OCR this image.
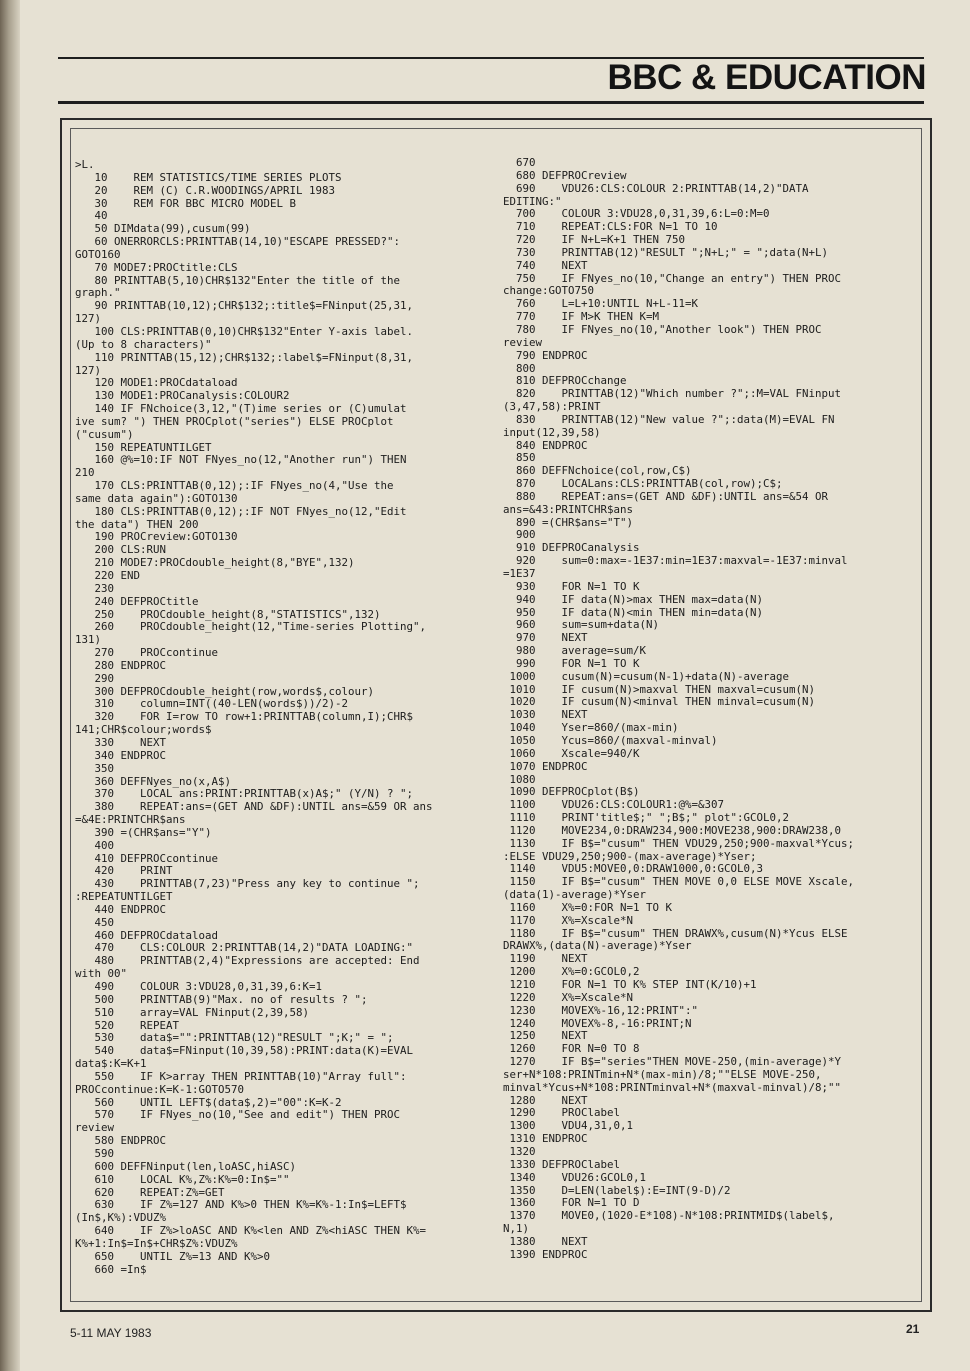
BBC & EDUCATION
>L.
10    REM STATISTICS/TIME SERIES PLOTS
20    REM (C) C.R.WOODINGS/APRIL 1983
30    REM FOR BBC MICRO MODEL B
40
50 DIMdata(99),cusum(99)
60 ONERRORCLS:PRINTTAB(14,10)"ESCAPE PRESSED?":
GOTO160
70 MODE7:PROCtitle:CLS
80 PRINTTAB(5,10)CHR$132"Enter the title of the
graph."
90 PRINTTAB(10,12);CHR$132;:title$=FNinput(25,31,
127)
100 CLS:PRINTTAB(0,10)CHR$132"Enter Y-axis label.
(Up to 8 characters)"
110 PRINTTAB(15,12);CHR$132;:label$=FNinput(8,31,
127)
120 MODE1:PROCdataload
130 MODE1:PROCanalysis:COLOUR2
140 IF FNchoice(3,12,"(T)ime series or (C)umulat
ive sum? ") THEN PROCplot("series") ELSE PROCplot
("cusum")
150 REPEATUNTILGET
160 @%=10:IF NOT FNyes_no(12,"Another run") THEN
210
170 CLS:PRINTTAB(0,12);:IF FNyes_no(4,"Use the
same data again"):GOTO130
180 CLS:PRINTTAB(0,12);:IF NOT FNyes_no(12,"Edit
the data") THEN 200
190 PROCreview:GOTO130
200 CLS:RUN
210 MODE7:PROCdouble_height(8,"BYE",132)
220 END
230
240 DEFPROCtitle
250    PROCdouble_height(8,"STATISTICS",132)
260    PROCdouble_height(12,"Time-series Plotting",
131)
270    PROCcontinue
280 ENDPROC
290
300 DEFPROCdouble_height(row,words$,colour)
310    column=INT((40-LEN(words$))/2)-2
320    FOR I=row TO row+1:PRINTTAB(column,I);CHR$
141;CHR$colour;words$
330    NEXT
340 ENDPROC
350
360 DEFFNyes_no(x,A$)
370    LOCAL ans:PRINT:PRINTTAB(x)A$;" (Y/N) ? ";
380    REPEAT:ans=(GET AND &DF):UNTIL ans=&59 OR ans
=&4E:PRINTCHR$ans
390 =(CHR$ans="Y")
400
410 DEFPROCcontinue
420    PRINT
430    PRINTTAB(7,23)"Press any key to continue ";
:REPEATUNTILGET
440 ENDPROC
450
460 DEFPROCdataload
470    CLS:COLOUR 2:PRINTTAB(14,2)"DATA LOADING:"
480    PRINTTAB(2,4)"Expressions are accepted: End
with 00"
490    COLOUR 3:VDU28,0,31,39,6:K=1
500    PRINTTAB(9)"Max. no of results ? ";
510    array=VAL FNinput(2,39,58)
520    REPEAT
530    data$="":PRINTTAB(12)"RESULT ";K;" = ";
540    data$=FNinput(10,39,58):PRINT:data(K)=EVAL
data$:K=K+1
550    IF K>array THEN PRINTTAB(10)"Array full":
PROCcontinue:K=K-1:GOTO570
560    UNTIL LEFT$(data$,2)="00":K=K-2
570    IF FNyes_no(10,"See and edit") THEN PROC
review
580 ENDPROC
590
600 DEFFNinput(len,loASC,hiASC)
610    LOCAL K%,Z%:K%=0:In$=""
620    REPEAT:Z%=GET
630    IF Z%=127 AND K%>0 THEN K%=K%-1:In$=LEFT$
(In$,K%):VDUZ%
640    IF Z%>loASC AND K%<len AND Z%<hiASC THEN K%=
K%+1:In$=In$+CHR$Z%:VDUZ%
650    UNTIL Z%=13 AND K%>0
660 =In$
670
680 DEFPROCreview
690    VDU26:CLS:COLOUR 2:PRINTTAB(14,2)"DATA
EDITING:"
700    COLOUR 3:VDU28,0,31,39,6:L=0:M=0
710    REPEAT:CLS:FOR N=1 TO 10
720    IF N+L=K+1 THEN 750
730    PRINTTAB(12)"RESULT ";N+L;" = ";data(N+L)
740    NEXT
750    IF FNyes_no(10,"Change an entry") THEN PROC
change:GOTO750
760    L=L+10:UNTIL N+L-11=K
770    IF M>K THEN K=M
780    IF FNyes_no(10,"Another look") THEN PROC
review
790 ENDPROC
800
810 DEFPROCchange
820    PRINTTAB(12)"Which number ?";:M=VAL FNinput
(3,47,58):PRINT
830    PRINTTAB(12)"New value ?";:data(M)=EVAL FN
input(12,39,58)
840 ENDPROC
850
860 DEFFNchoice(col,row,C$)
870    LOCALans:CLS:PRINTTAB(col,row);C$;
880    REPEAT:ans=(GET AND &DF):UNTIL ans=&54 OR
ans=&43:PRINTCHR$ans
890 =(CHR$ans="T")
900
910 DEFPROCanalysis
920    sum=0:max=-1E37:min=1E37:maxval=-1E37:minval
=1E37
930    FOR N=1 TO K
940    IF data(N)>max THEN max=data(N)
950    IF data(N)<min THEN min=data(N)
960    sum=sum+data(N)
970    NEXT
980    average=sum/K
990    FOR N=1 TO K
1000    cusum(N)=cusum(N-1)+data(N)-average
1010    IF cusum(N)>maxval THEN maxval=cusum(N)
1020    IF cusum(N)<minval THEN minval=cusum(N)
1030    NEXT
1040    Yser=860/(max-min)
1050    Ycus=860/(maxval-minval)
1060    Xscale=940/K
1070 ENDPROC
1080
1090 DEFPROCplot(B$)
1100    VDU26:CLS:COLOUR1:@%=&307
1110    PRINT'title$;" ";B$;" plot":GCOL0,2
1120    MOVE234,0:DRAW234,900:MOVE238,900:DRAW238,0
1130    IF B$="cusum" THEN VDU29,250;900-maxval*Ycus;
:ELSE VDU29,250;900-(max-average)*Yser;
1140    VDU5:MOVE0,0:DRAW1000,0:GCOL0,3
1150    IF B$="cusum" THEN MOVE 0,0 ELSE MOVE Xscale,
(data(1)-average)*Yser
1160    X%=0:FOR N=1 TO K
1170    X%=Xscale*N
1180    IF B$="cusum" THEN DRAWX%,cusum(N)*Ycus ELSE
DRAWX%,(data(N)-average)*Yser
1190    NEXT
1200    X%=0:GCOL0,2
1210    FOR N=1 TO K% STEP INT(K/10)+1
1220    X%=Xscale*N
1230    MOVEX%-16,12:PRINT":"
1240    MOVEX%-8,-16:PRINT;N
1250    NEXT
1260    FOR N=0 TO 8
1270    IF B$="series"THEN MOVE-250,(min-average)*Y
ser+N*108:PRINTmin+N*(max-min)/8;""ELSE MOVE-250,
minval*Ycus+N*108:PRINTminval+N*(maxval-minval)/8;""
1280    NEXT
1290    PROClabel
1300    VDU4,31,0,1
1310 ENDPROC
1320
1330 DEFPROClabel
1340    VDU26:GCOL0,1
1350    D=LEN(label$):E=INT(9-D)/2
1360    FOR N=1 TO D
1370    MOVE0,(1020-E*108)-N*108:PRINTMID$(label$,
N,1)
1380    NEXT
1390 ENDPROC
5-11 MAY 1983	21
